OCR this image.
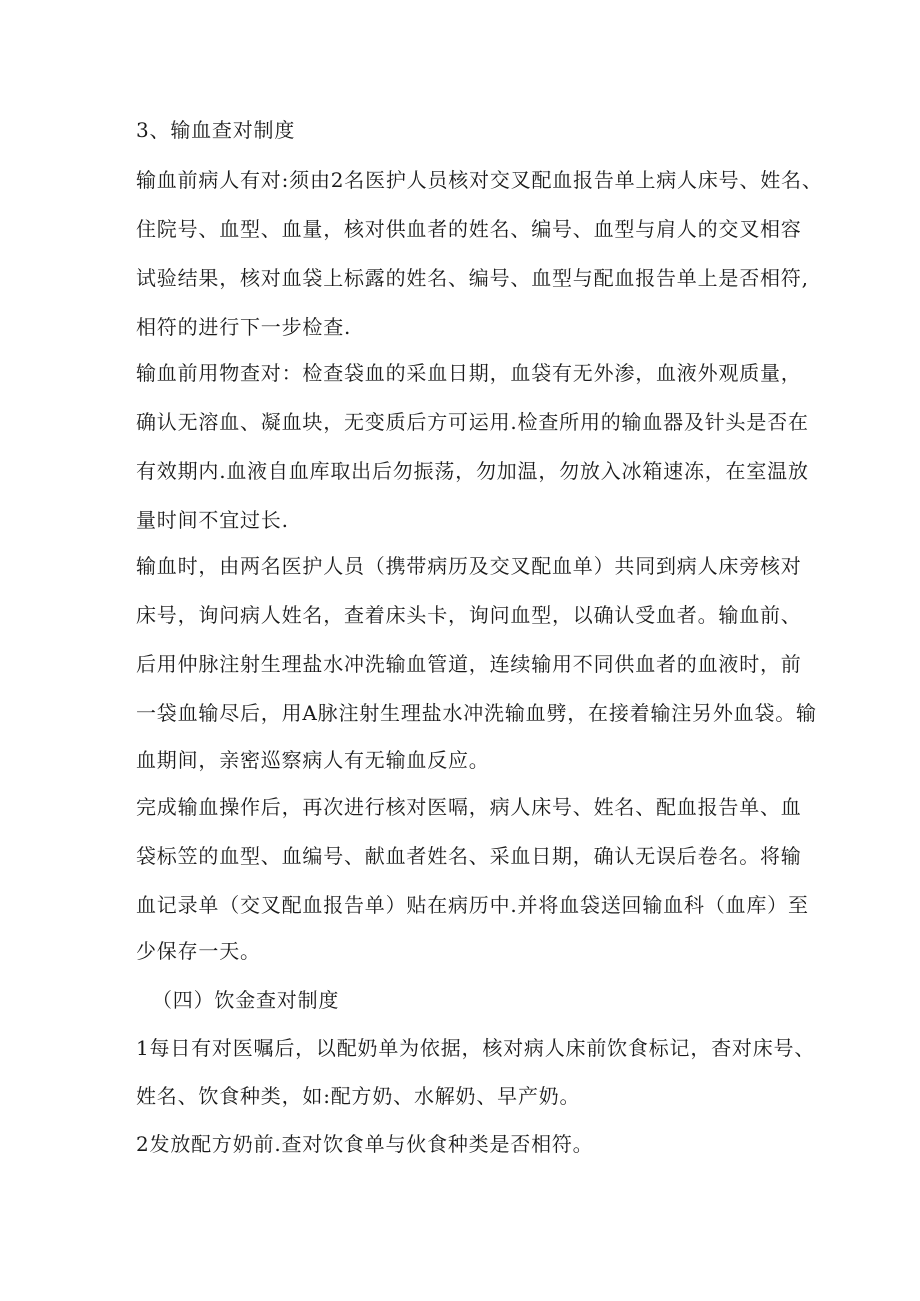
3、输血查对制度
输血前病人有对:须由2名医护人员核对交叉配血报告单上病人床号、姓名、
住院号、血型、血量，核对供血者的姓名、编号、血型与肩人的交叉相容
试验结果，核对血袋上标露的姓名、编号、血型与配血报告单上是否相符,
相符的进行下一步检查.
输血前用物查对：检查袋血的采血日期，血袋有无外渗，血液外观质量，
确认无溶血、凝血块，无变质后方可运用.检查所用的输血器及针头是否在
有效期内.血液自血库取出后勿振荡，勿加温，勿放入冰箱速冻，在室温放
量时间不宜过长.
输血时，由两名医护人员（携带病历及交叉配血单）共同到病人床旁核对
床号，询问病人姓名，查着床头卡，询问血型，以确认受血者。输血前、
后用仲脉注射生理盐水冲洗输血管道，连续输用不同供血者的血液时，前
一袋血输尽后，用A脉注射生理盐水冲洗输血劈，在接着输注另外血袋。输
血期间，亲密巡察病人有无输血反应。
完成输血操作后，再次进行核对医嗝，病人床号、姓名、配血报告单、血
袋标笠的血型、血编号、献血者姓名、采血日期，确认无误后卷名。将输
血记录单（交叉配血报告单）贴在病历中.并将血袋送回输血科（血库）至
少保存一天。
（四）饮金查对制度
1每日有对医嘱后，以配奶单为依据，核对病人床前饮食标记，杳对床号、
姓名、饮食种类，如:配方奶、水解奶、早产奶。
2发放配方奶前.查对饮食单与伙食种类是否相符。
